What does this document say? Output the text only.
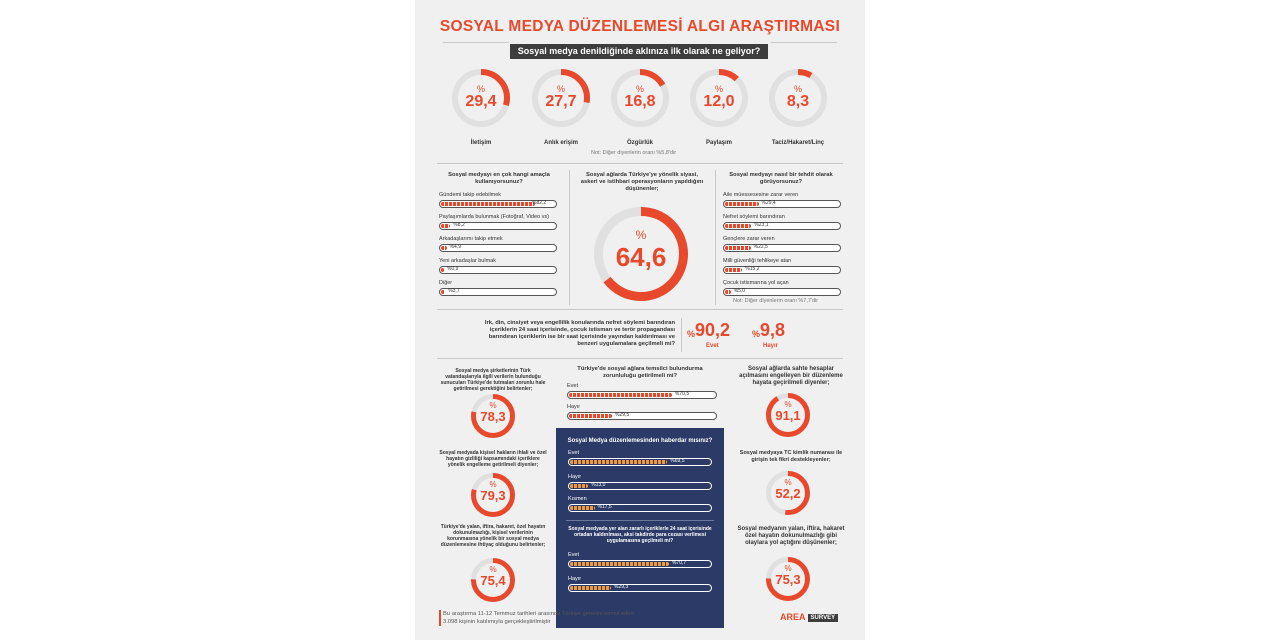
SOSYAL MEDYA DÜZENLEMESİ ALGI ARAŞTIRMASI
Sosyal medya denildiğinde aklınıza ilk olarak ne geliyor?
%
29,4
İletişim
%
27,7
Anlık erişim
%
16,8
Özgürlük
%
12,0
Paylaşım
%
8,3
Taciz/Hakaret/Linç
Not: Diğer diyenlerin oranı %5,8'dir
Sosyal medyayı en çok hangi amaçla kullanıyorsunuz?
Gündemi takip edebilmek
%82,2
Paylaşımlarda bulunmak (Fotoğraf, Video vs)
%8,2
Arkadaşlarımı takip etmek
%4,9
Yeni arkadaşlar bulmak
%0,9
Diğer
%3,7
Sosyal ağlarda Türkiye'ye yönelik siyasi, askeri ve istihbari operasyonların yapıldığını düşünenler;
%
64,6
Sosyal medyayı nasıl bir tehdit olarak görüyorsunuz?
Aile müessesesine zarar veren
%29,4
Nefret söylemi barındıran
%23,1
Gençlere zarar veren
%22,5
Milli güvenliği tehlikeye atan
%15,2
Çocuk istismarına yol açan
%5,0
Not: Diğer diyenlerin oranı %7,7'dir
Irk, din, cinsiyet veya engellilik konularında nefret söylemi barındıran içeriklerin 24 saat içerisinde, çocuk istismarı ve terör propagandası barındıran içeriklerin ise bir saat içerisinde yayından kaldırılması ve benzeri uygulamalara geçilmeli mi?
% 90,2
Evet
% 9,8
Hayır
Sosyal medya şirketlerinin Türk vatandaşlarıyla ilgili verilerin bulunduğu sunucuları Türkiye'de tutmaları zorunlu hale getirilmesi gerektiğini belirtenler;
%
78,3
Sosyal medyada kişisel hakların ihlali ve özel hayatın gizliliği kapsamındaki içeriklere yönelik engelleme getirilmeli diyenler;
%
79,3
Türkiye'de yalan, iftira, hakaret, özel hayatın dokunulmazlığı, kişisel verilerinin korunmasına yönelik bir sosyal medya düzenlemesine ihtiyaç olduğunu belirtenler;
%
75,4
Türkiye'de sosyal ağlara temsilci bulundurma zorunluluğu getirilmeli mi?
Evet
%70,5
Hayır
%29,5
Sosyal Medya düzenlemesinden haberdar mısınız?
Evet
%69,5
Hayır
%13,0
Kısmen
%17,5
Sosyal medyada yer alan zararlı içeriklerle 24 saat içerisinde ortadan kaldırılması, aksi takdirde para cezası verilmesi uygulamasına geçilmeli mi?
Evet
%70,7
Hayır
%29,3
Sosyal ağlarda sahte hesaplar açılmasını engelleyen bir düzenleme hayata geçirilmeli diyenler;
%
91,1
Sosyal medyaya TC kimlik numarası ile girişin tek fikri destekleyenler;
%
52,2
Sosyal medyanın yalan, iftira, hakaret özel hayatın dokunulmazlığı gibi olaylara yol açtığını düşünenler;
%
75,3
Bu araştırma 11-12 Temmuz tarihleri arasında Türkiye genelini temsil eden
3.098 kişinin katılımıyla gerçekleştirilmiştir	AREA SURVEY
